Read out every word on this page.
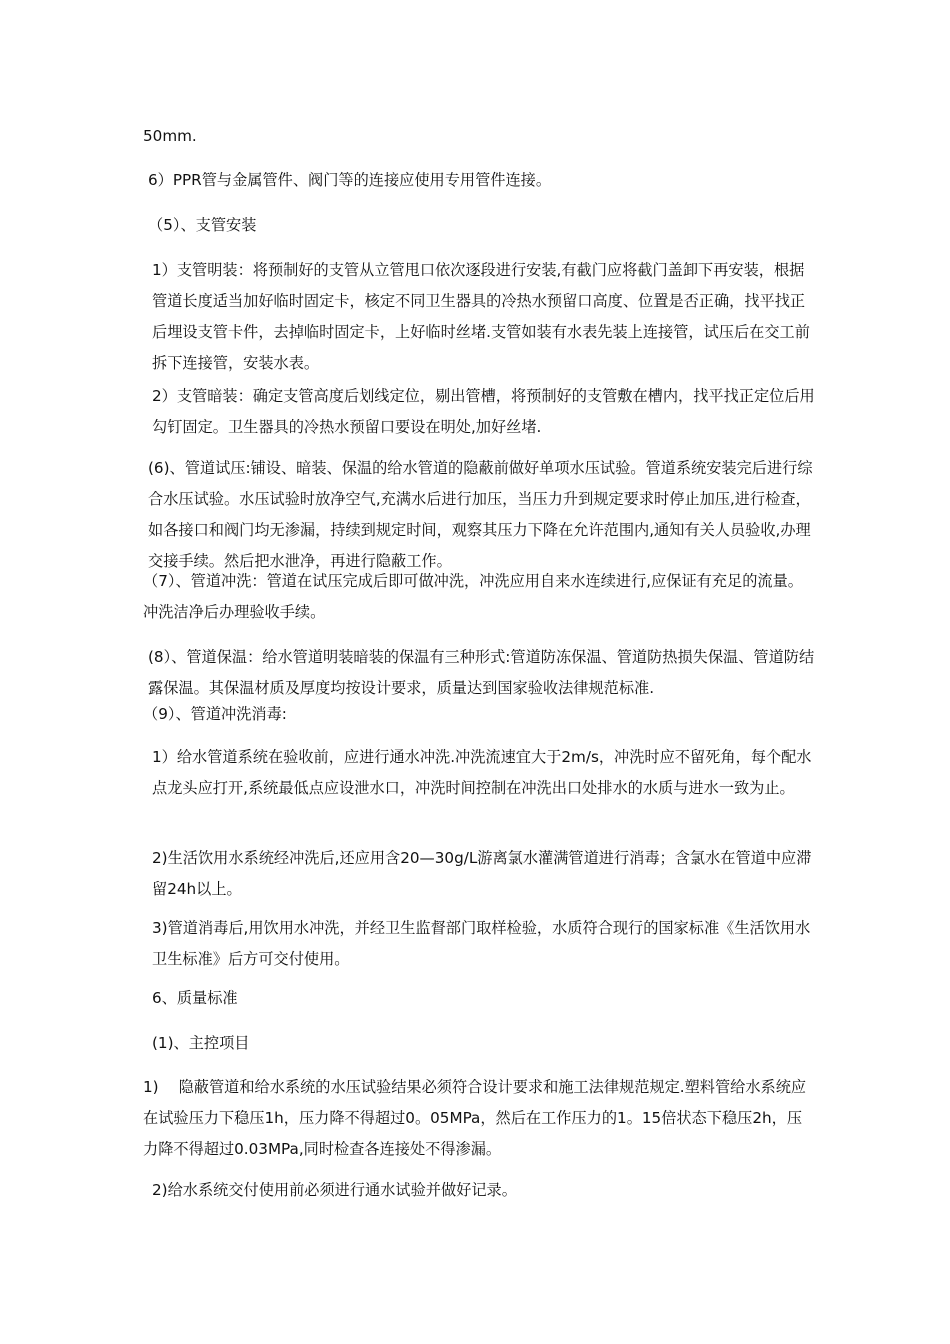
50mm.

6）PPR管与金属管件、阀门等的连接应使用专用管件连接。

（5）、支管安装

1）支管明装：将预制好的支管从立管甩口依次逐段进行安装,有截门应将截门盖卸下再安装，根据管道长度适当加好临时固定卡，核定不同卫生器具的冷热水预留口高度、位置是否正确，找平找正后埋设支管卡件，去掉临时固定卡，上好临时丝堵.支管如装有水表先装上连接管，试压后在交工前拆下连接管，安装水表。

2）支管暗装：确定支管高度后划线定位，剔出管槽，将预制好的支管敷在槽内，找平找正定位后用勾钉固定。卫生器具的冷热水预留口要设在明处,加好丝堵.

(6)、管道试压:铺设、暗装、保温的给水管道的隐蔽前做好单项水压试验。管道系统安装完后进行综合水压试验。水压试验时放净空气,充满水后进行加压，当压力升到规定要求时停止加压,进行检查，如各接口和阀门均无渗漏，持续到规定时间，观察其压力下降在允许范围内,通知有关人员验收,办理交接手续。然后把水泄净，再进行隐蔽工作。

（7）、管道冲洗：管道在试压完成后即可做冲洗，冲洗应用自来水连续进行,应保证有充足的流量。冲洗洁净后办理验收手续。

(8）、管道保温：给水管道明装暗装的保温有三种形式:管道防冻保温、管道防热损失保温、管道防结露保温。其保温材质及厚度均按设计要求，质量达到国家验收法律规范标准.

（9）、管道冲洗消毒:

1）给水管道系统在验收前，应进行通水冲洗.冲洗流速宜大于2m/s，冲洗时应不留死角，每个配水点龙头应打开,系统最低点应设泄水口，冲洗时间控制在冲洗出口处排水的水质与进水一致为止。

2)生活饮用水系统经冲洗后,还应用含20—30g/L游离氯水灌满管道进行消毒；含氯水在管道中应滞留24h以上。

3)管道消毒后,用饮用水冲洗，并经卫生监督部门取样检验，水质符合现行的国家标准《生活饮用水卫生标准》后方可交付使用。

6、质量标准

(1)、主控项目

1)　 隐蔽管道和给水系统的水压试验结果必须符合设计要求和施工法律规范规定.塑料管给水系统应在试验压力下稳压1h，压力降不得超过0。05MPa，然后在工作压力的1。15倍状态下稳压2h，压力降不得超过0.03MPa,同时检查各连接处不得渗漏。

2)给水系统交付使用前必须进行通水试验并做好记录。
